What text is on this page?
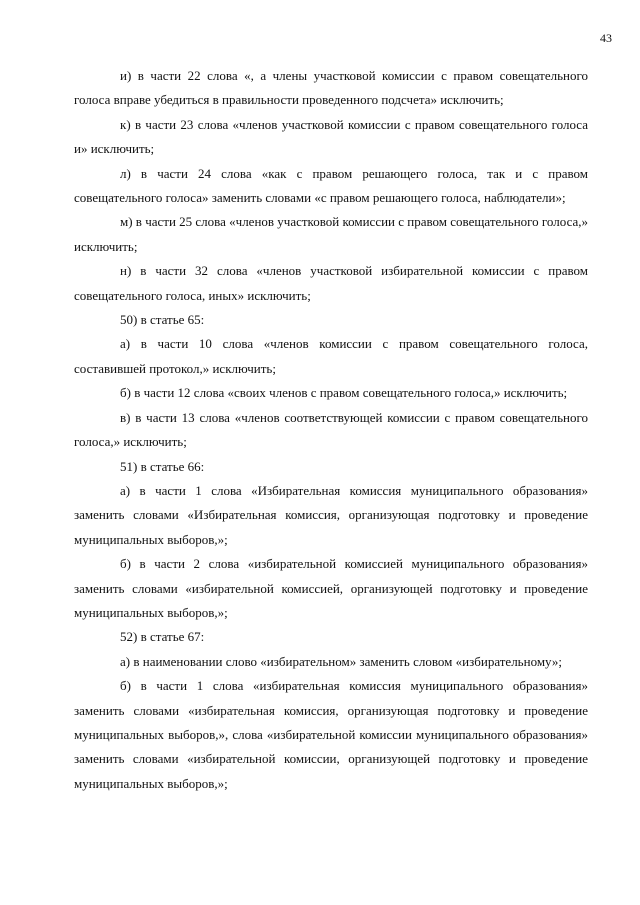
43

и) в части 22 слова «, а члены участковой комиссии с правом совещательного голоса вправе убедиться в правильности проведенного подсчета» исключить;

к) в части 23 слова «членов участковой комиссии с правом совещательного голоса и» исключить;

л) в части 24 слова «как с правом решающего голоса, так и с правом совещательного голоса» заменить словами «с правом решающего голоса, наблюдатели»;

м) в части 25 слова «членов участковой комиссии с правом совещательного голоса,» исключить;

н) в части 32 слова «членов участковой избирательной комиссии с правом совещательного голоса, иных» исключить;

50) в статье 65:

а) в части 10 слова «членов комиссии с правом совещательного голоса, составившей протокол,» исключить;

б) в части 12 слова «своих членов с правом совещательного голоса,» исключить;

в) в части 13 слова «членов соответствующей комиссии с правом совещательного голоса,» исключить;

51) в статье 66:

а) в части 1 слова «Избирательная комиссия муниципального образования» заменить словами «Избирательная комиссия, организующая подготовку и проведение муниципальных выборов,»;

б) в части 2 слова «избирательной комиссией муниципального образования» заменить словами «избирательной комиссией, организующей подготовку и проведение муниципальных выборов,»;

52) в статье 67:

а) в наименовании слово «избирательном» заменить словом «избирательному»;

б) в части 1 слова «избирательная комиссия муниципального образования» заменить словами «избирательная комиссия, организующая подготовку и проведение муниципальных выборов,», слова «избирательной комиссии муниципального образования» заменить словами «избирательной комиссии, организующей подготовку и проведение муниципальных выборов,»;
